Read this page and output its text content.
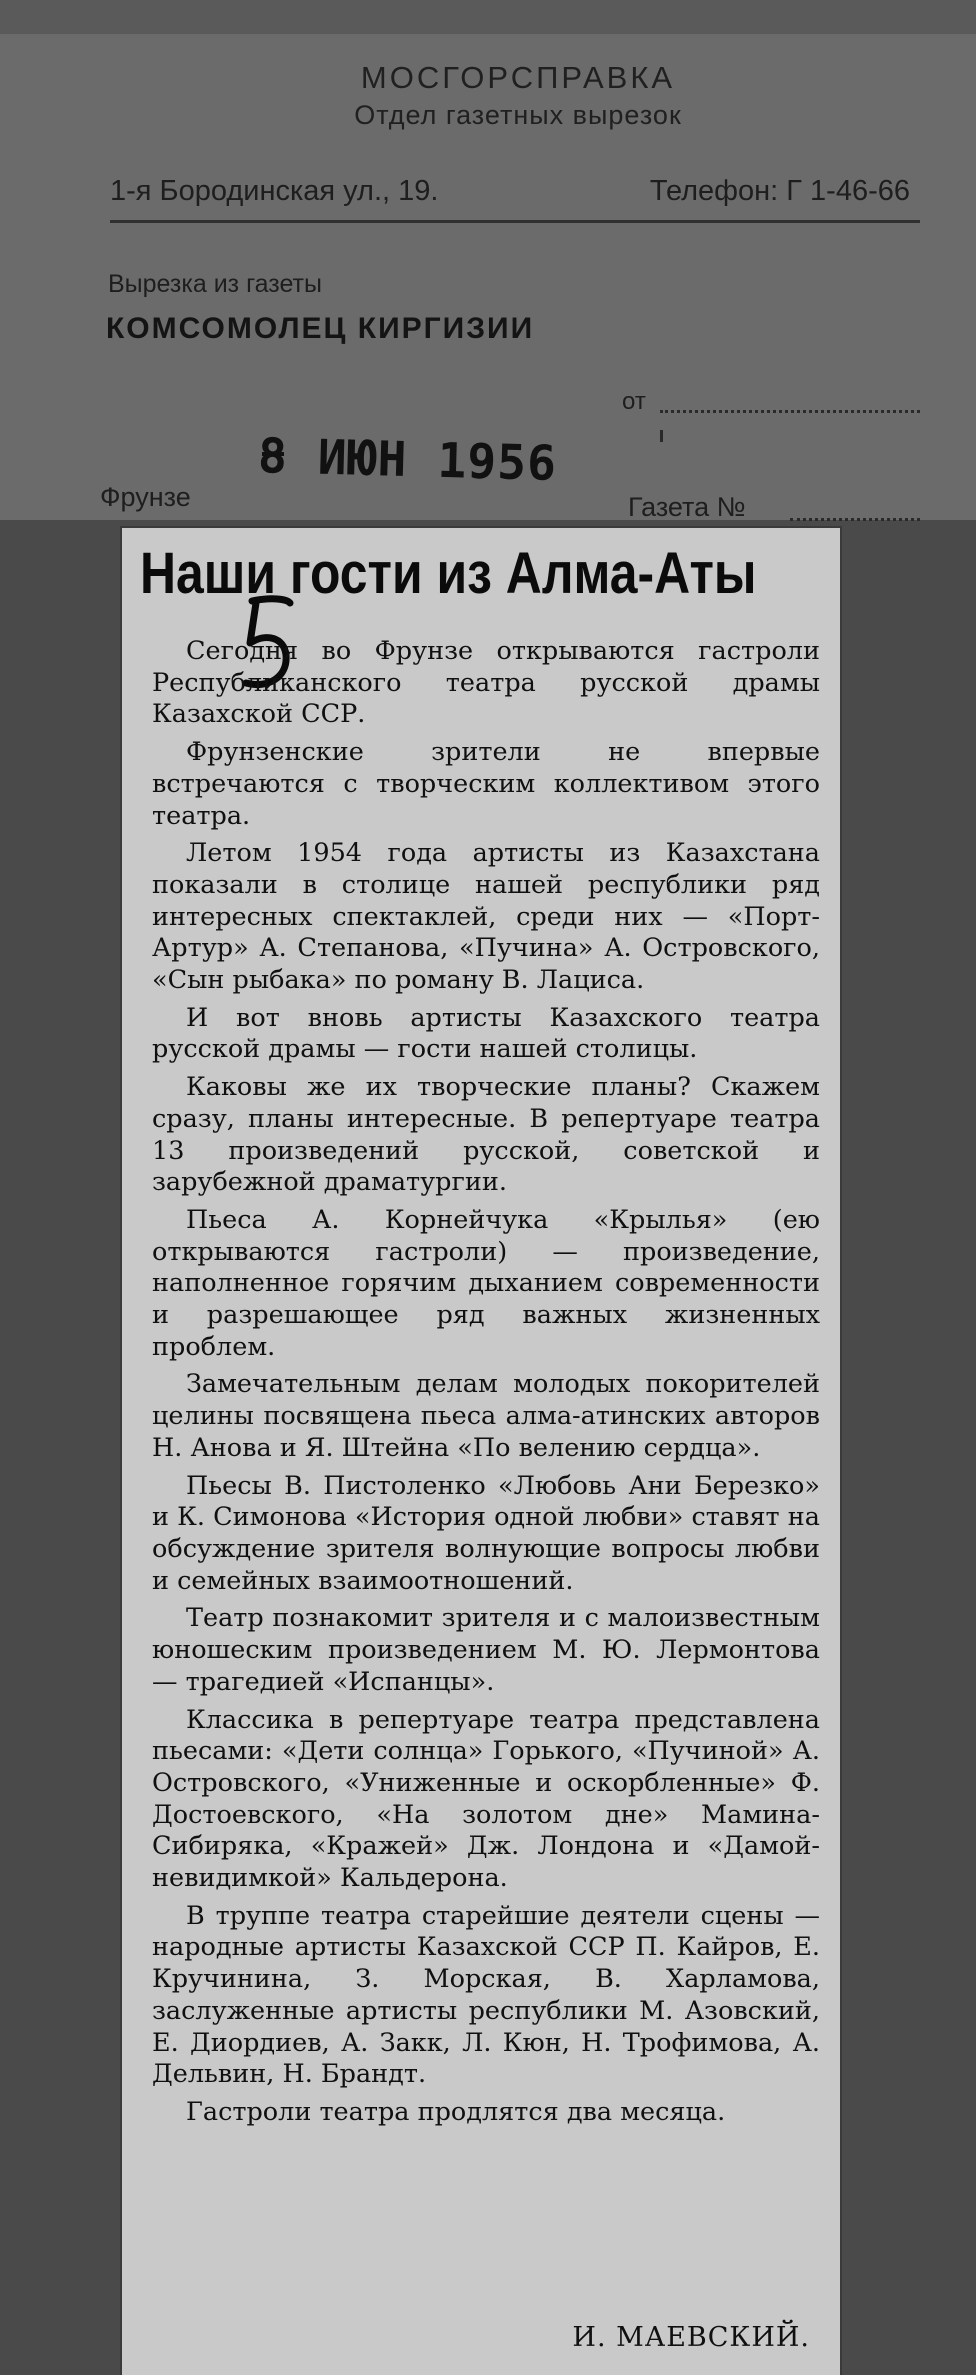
МОСГОРСПРАВКА
Отдел газетных вырезок
1-я Бородинская ул., 19.	Телефон: Г 1-46-66
Вырезка из газеты
КОМСОМОЛЕЦ КИРГИЗИИ
от
8 ИЮН 1956
Фрунзе	Газета №
Наши гости из Алма-Аты

Сегодня во Фрунзе открываются гастроли Республиканского театра русской драмы Казахской ССР.

Фрунзенские зрители не впервые встречаются с творческим коллективом этого театра.

Летом 1954 года артисты из Казахстана показали в столице нашей республики ряд интересных спектаклей, среди них — «Порт-Артур» А. Степанова, «Пучина» А. Островского, «Сын рыбака» по роману В. Лациса.

И вот вновь артисты Казахского театра русской драмы — гости нашей столицы.

Каковы же их творческие планы? Скажем сразу, планы интересные. В репертуаре театра 13 произведений русской, советской и зарубежной драматургии.

Пьеса А. Корнейчука «Крылья» (ею открываются гастроли) — произведение, наполненное горячим дыханием современности и разрешающее ряд важных жизненных проблем.

Замечательным делам молодых покорителей целины посвящена пьеса алма-атинских авторов Н. Анова и Я. Штейна «По велению сердца».

Пьесы В. Пистоленко «Любовь Ани Березко» и К. Симонова «История одной любви» ставят на обсуждение зрителя волнующие вопросы любви и семейных взаимоотношений.

Театр познакомит зрителя и с малоизвестным юношеским произведением М. Ю. Лермонтова — трагедией «Испанцы».

Классика в репертуаре театра представлена пьесами: «Дети солнца» Горького, «Пучиной» А. Островского, «Униженные и оскорбленные» Ф. Достоевского, «На золотом дне» Мамина-Сибиряка, «Кражей» Дж. Лондона и «Дамой-невидимкой» Кальдерона.

В труппе театра старейшие деятели сцены — народные артисты Казахской ССР П. Кайров, Е. Кручинина, З. Морская, В. Харламова, заслуженные артисты республики М. Азовский, Е. Диордиев, А. Закк, Л. Кюн, Н. Трофимова, А. Дельвин, Н. Брандт.

Гастроли театра продлятся два месяца.

И. МАЕВСКИЙ.
